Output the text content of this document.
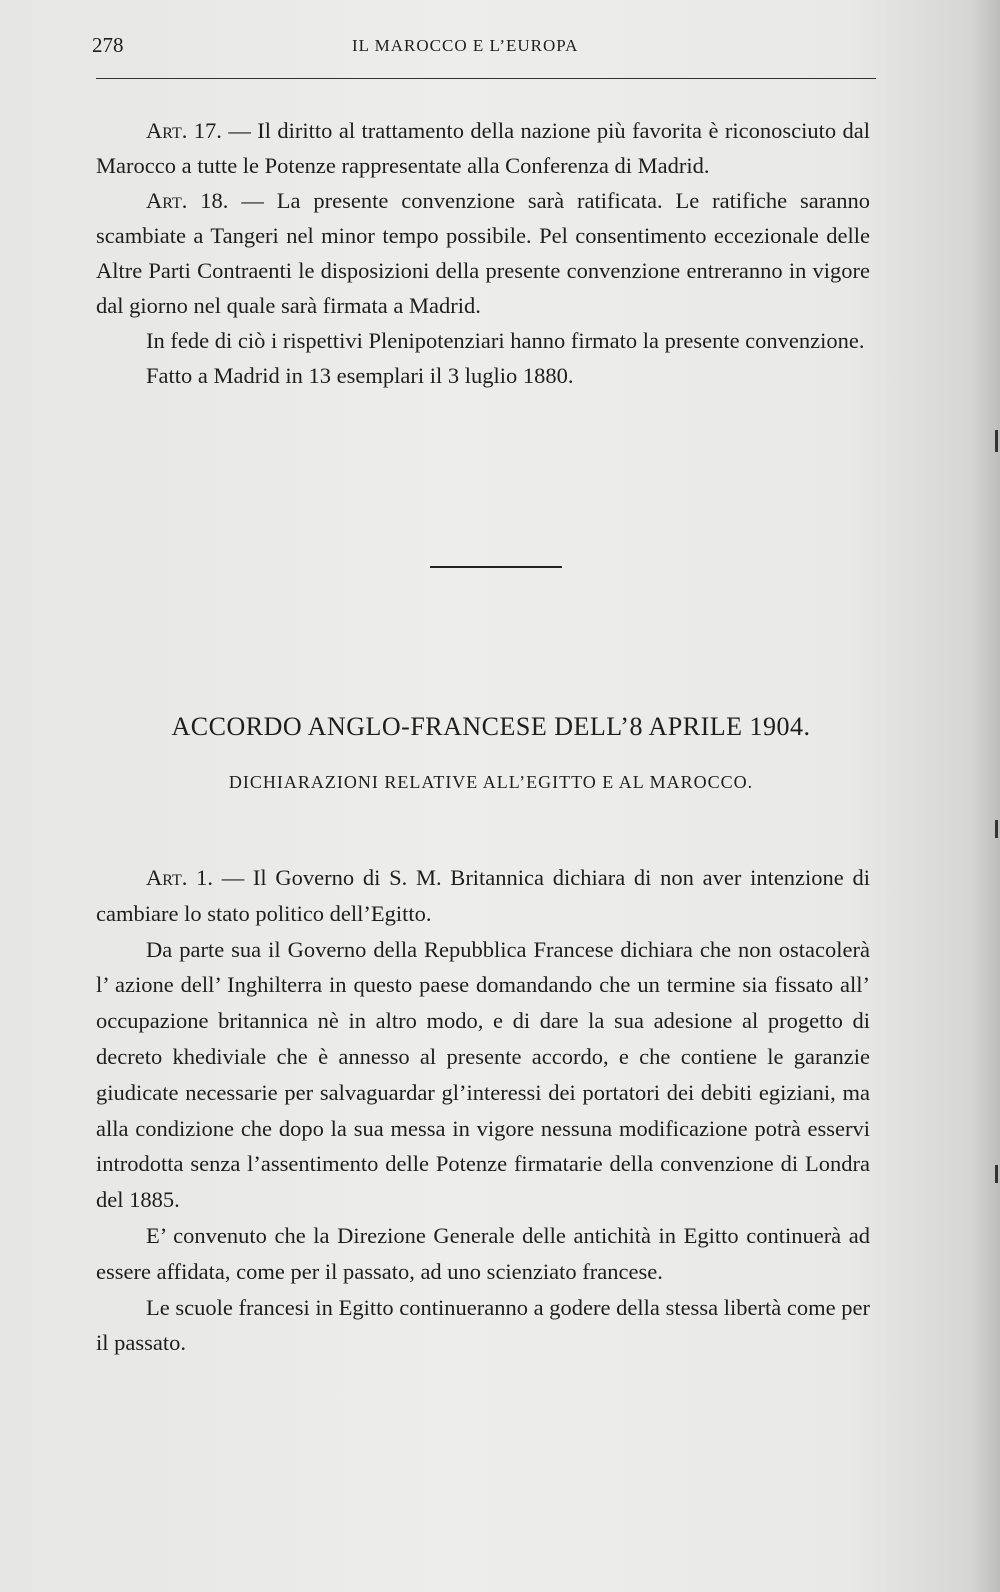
278	IL MAROCCO E L’EUROPA

Art. 17. — Il diritto al trattamento della nazione più favorita è riconosciuto dal Marocco a tutte le Potenze rappresentate alla Conferenza di Madrid.

Art. 18. — La presente convenzione sarà ratificata. Le ratifiche saranno scambiate a Tangeri nel minor tempo possibile. Pel consentimento eccezionale delle Altre Parti Contraenti le disposizioni della presente convenzione entreranno in vigore dal giorno nel quale sarà firmata a Madrid.

In fede di ciò i rispettivi Plenipotenziari hanno firmato la presente convenzione.

Fatto a Madrid in 13 esemplari il 3 luglio 1880.

ACCORDO ANGLO-FRANCESE DELL’8 APRILE 1904.
DICHIARAZIONI RELATIVE ALL’EGITTO E AL MAROCCO.

Art. 1. — Il Governo di S. M. Britannica dichiara di non aver intenzione di cambiare lo stato politico dell’Egitto.

Da parte sua il Governo della Repubblica Francese dichiara che non ostacolerà l’ azione dell’ Inghilterra in questo paese domandando che un termine sia fissato all’ occupazione britannica nè in altro modo, e di dare la sua adesione al progetto di decreto khediviale che è annesso al presente accordo, e che contiene le garanzie giudicate necessarie per salvaguardar gl’interessi dei portatori dei debiti egiziani, ma alla condizione che dopo la sua messa in vigore nessuna modificazione potrà esservi introdotta senza l’assentimento delle Potenze firmatarie della convenzione di Londra del 1885.

E’ convenuto che la Direzione Generale delle antichità in Egitto continuerà ad essere affidata, come per il passato, ad uno scienziato francese.

Le scuole francesi in Egitto continueranno a godere della stessa libertà come per il passato.
